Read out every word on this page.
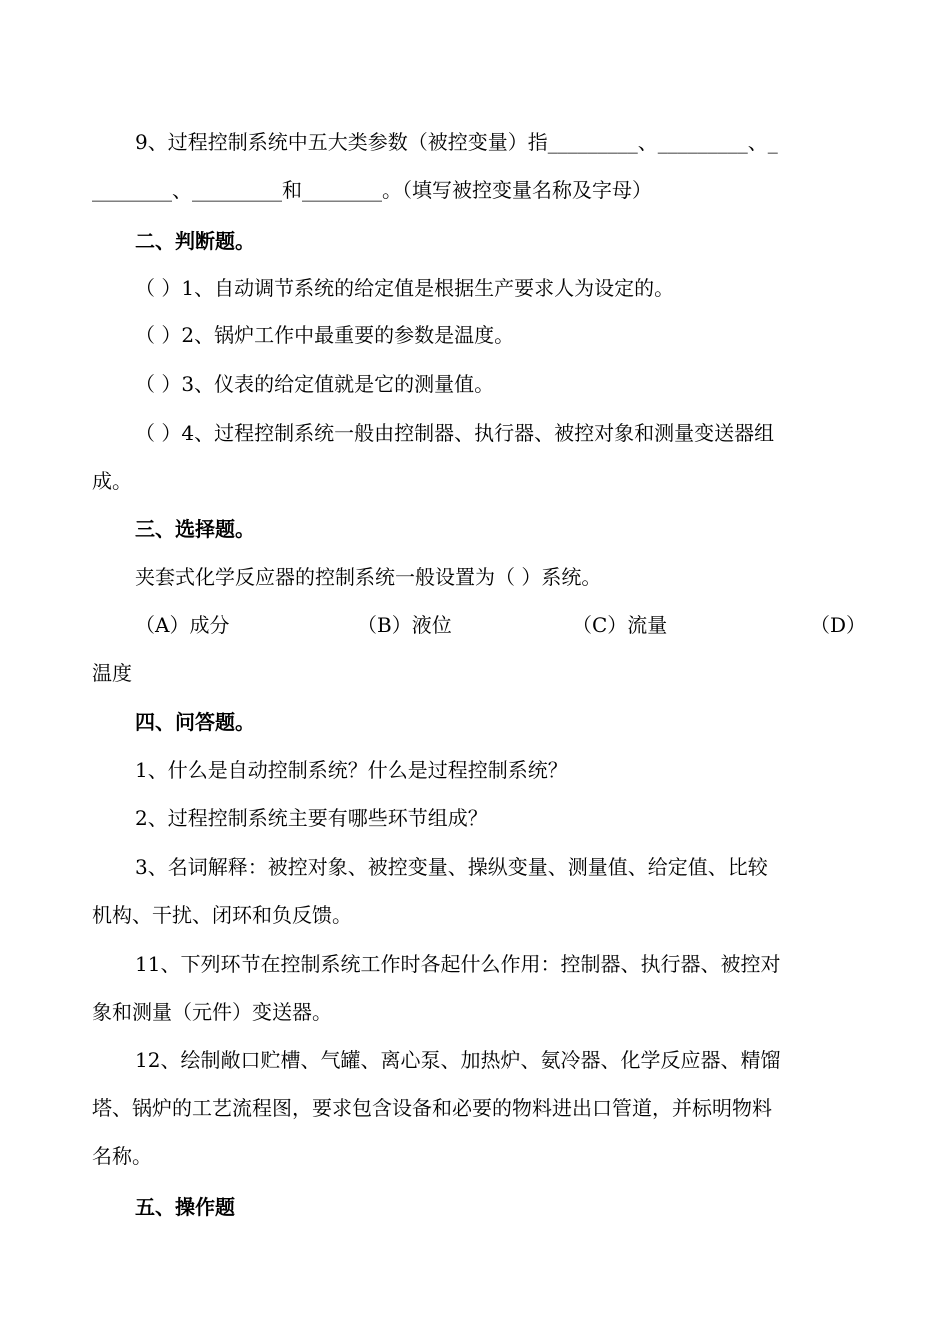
9、过程控制系统中五大类参数（被控变量）指_________、_________、_
________、_________和________。（填写被控变量名称及字母）
二、判断题。
（ ）1、自动调节系统的给定值是根据生产要求人为设定的。
（ ）2、锅炉工作中最重要的参数是温度。
（ ）3、仪表的给定值就是它的测量值。
（ ）4、过程控制系统一般由控制器、执行器、被控对象和测量变送器组
成。
三、选择题。
夹套式化学反应器的控制系统一般设置为（ ）系统。
（A）成分	（B）液位	（C）流量	（D）
温度
四、问答题。
1、什么是自动控制系统？什么是过程控制系统？
2、过程控制系统主要有哪些环节组成？
3、名词解释：被控对象、被控变量、操纵变量、测量值、给定值、比较
机构、干扰、闭环和负反馈。
11、下列环节在控制系统工作时各起什么作用：控制器、执行器、被控对
象和测量（元件）变送器。
12、绘制敞口贮槽、气罐、离心泵、加热炉、氨冷器、化学反应器、精馏
塔、锅炉的工艺流程图，要求包含设备和必要的物料进出口管道，并标明物料
名称。
五、操作题
